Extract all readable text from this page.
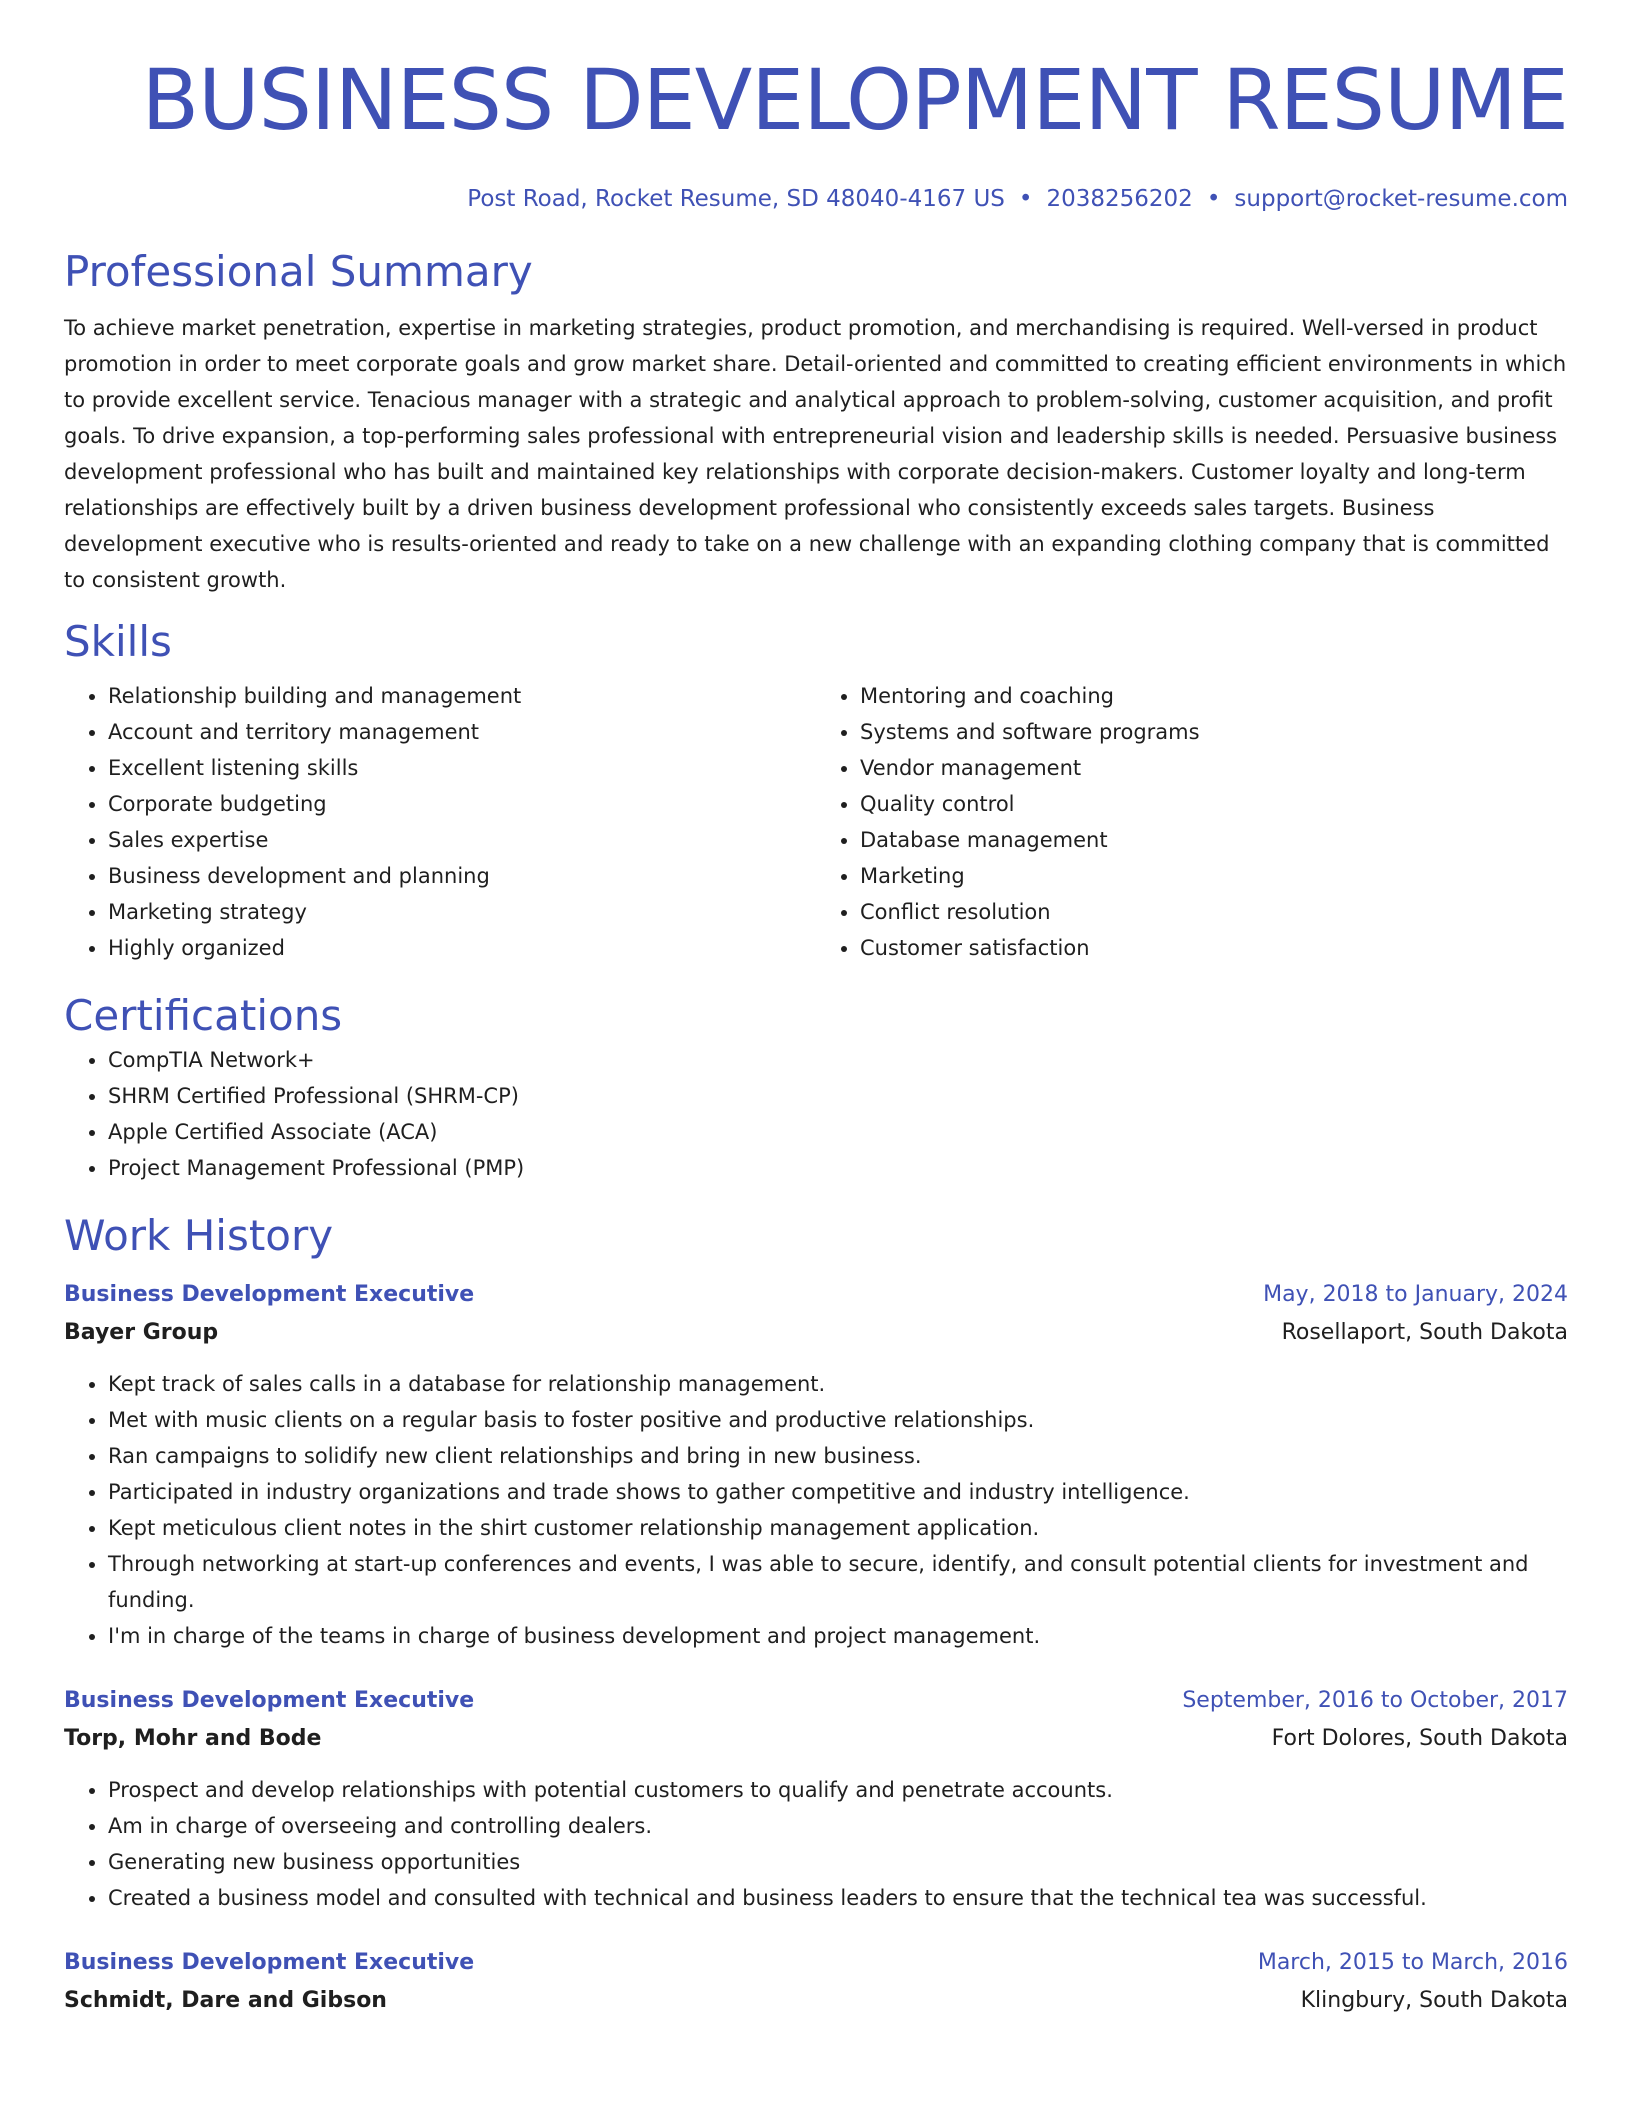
BUSINESS DEVELOPMENT RESUME
Post Road, Rocket Resume, SD 48040-4167 US • 2038256202 • support@rocket-resume.com
Professional Summary

To achieve market penetration, expertise in marketing strategies, product promotion, and merchandising is required. Well-versed in product promotion in order to meet corporate goals and grow market share. Detail-oriented and committed to creating efficient environments in which to provide excellent service. Tenacious manager with a strategic and analytical approach to problem-solving, customer acquisition, and profit goals. To drive expansion, a top-performing sales professional with entrepreneurial vision and leadership skills is needed. Persuasive business development professional who has built and maintained key relationships with corporate decision-makers. Customer loyalty and long-term relationships are effectively built by a driven business development professional who consistently exceeds sales targets. Business development executive who is results-oriented and ready to take on a new challenge with an expanding clothing company that is committed to consistent growth.

Skills
• Relationship building and management
• Account and territory management
• Excellent listening skills
• Corporate budgeting
• Sales expertise
• Business development and planning
• Marketing strategy
• Highly organized
• Mentoring and coaching
• Systems and software programs
• Vendor management
• Quality control
• Database management
• Marketing
• Conflict resolution
• Customer satisfaction
Certifications
• CompTIA Network+
• SHRM Certified Professional (SHRM-CP)
• Apple Certified Associate (ACA)
• Project Management Professional (PMP)
Work History
Business Development Executive	May, 2018 to January, 2024
Bayer Group	Rosellaport, South Dakota
• Kept track of sales calls in a database for relationship management.
• Met with music clients on a regular basis to foster positive and productive relationships.
• Ran campaigns to solidify new client relationships and bring in new business.
• Participated in industry organizations and trade shows to gather competitive and industry intelligence.
• Kept meticulous client notes in the shirt customer relationship management application.
• Through networking at start-up conferences and events, I was able to secure, identify, and consult potential clients for investment and funding.
• I'm in charge of the teams in charge of business development and project management.
Business Development Executive	September, 2016 to October, 2017
Torp, Mohr and Bode	Fort Dolores, South Dakota
• Prospect and develop relationships with potential customers to qualify and penetrate accounts.
• Am in charge of overseeing and controlling dealers.
• Generating new business opportunities
• Created a business model and consulted with technical and business leaders to ensure that the technical tea was successful.
Business Development Executive	March, 2015 to March, 2016
Schmidt, Dare and Gibson	Klingbury, South Dakota
